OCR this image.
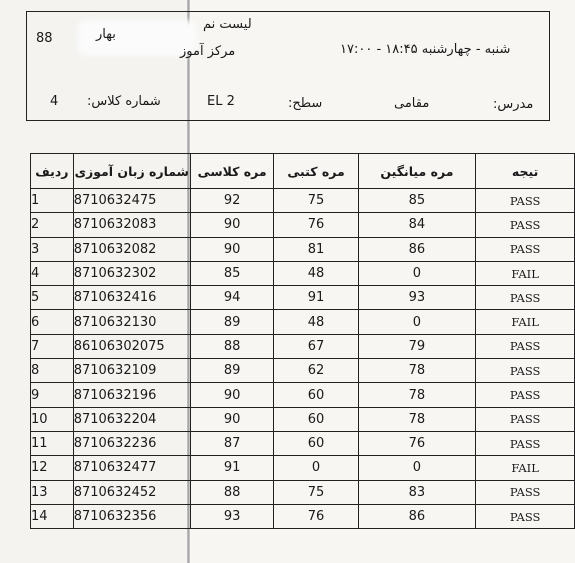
88
لیست نم
بهار
مرکز آموز	شنبه - چهارشنبه ۱۸:۴۵ - ۱۷:۰۰
4 شماره کلاس:	EL 2	سطح:	مقامی	مدرس:
ردیف	شماره زبان آموزی	مره کلاسی	مره کتبی	مره میانگین	تیجه
1	8710632475	92	75	85	PASS
2	8710632083	90	76	84	PASS
3	8710632082	90	81	86	PASS
4	8710632302	85	48	0	FAIL
5	8710632416	94	91	93	PASS
6	8710632130	89	48	0	FAIL
7	86106302075	88	67	79	PASS
8	8710632109	89	62	78	PASS
9	8710632196	90	60	78	PASS
10	8710632204	90	60	78	PASS
11	8710632236	87	60	76	PASS
12	8710632477	91	0	0	FAIL
13	8710632452	88	75	83	PASS
14	8710632356	93	76	86	PASS
